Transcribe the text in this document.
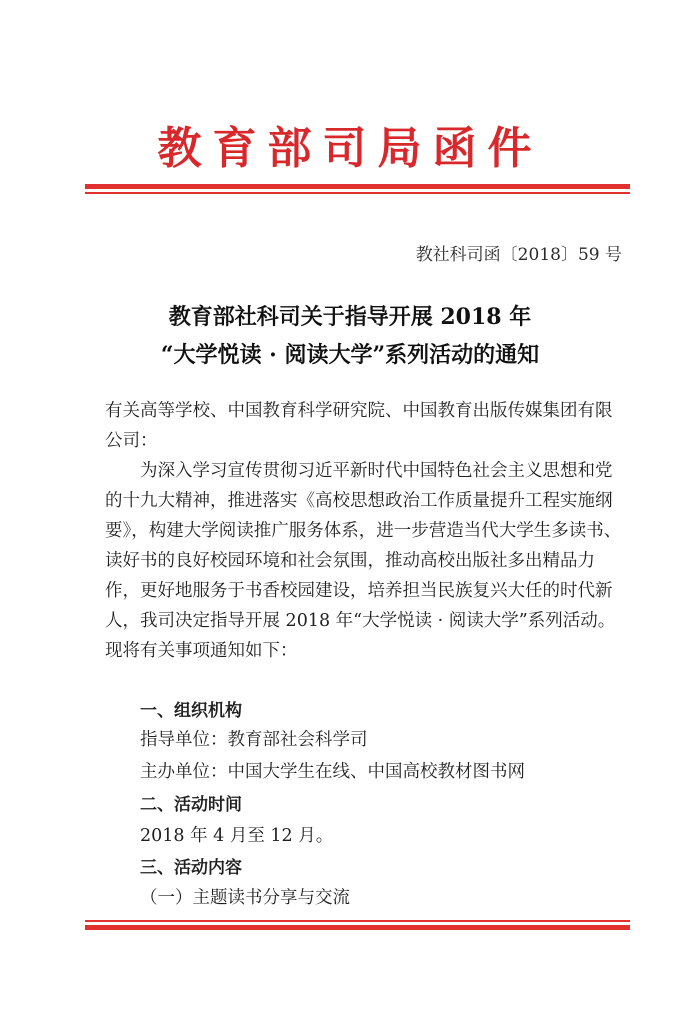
教育部司局函件
教社科司函〔2018〕59 号
教育部社科司关于指导开展 2018 年
“大学悦读 · 阅读大学”系列活动的通知
有关高等学校、中国教育科学研究院、中国教育出版传媒集团有限公司：
为深入学习宣传贯彻习近平新时代中国特色社会主义思想和党的十九大精神，推进落实《高校思想政治工作质量提升工程实施纲要》，构建大学阅读推广服务体系，进一步营造当代大学生多读书、读好书的良好校园环境和社会氛围，推动高校出版社多出精品力作，更好地服务于书香校园建设，培养担当民族复兴大任的时代新人，我司决定指导开展 2018 年“大学悦读 · 阅读大学”系列活动。现将有关事项通知如下：
一、组织机构
指导单位：教育部社会科学司
主办单位：中国大学生在线、中国高校教材图书网
二、活动时间
2018 年 4 月至 12 月。
三、活动内容
（一）主题读书分享与交流
